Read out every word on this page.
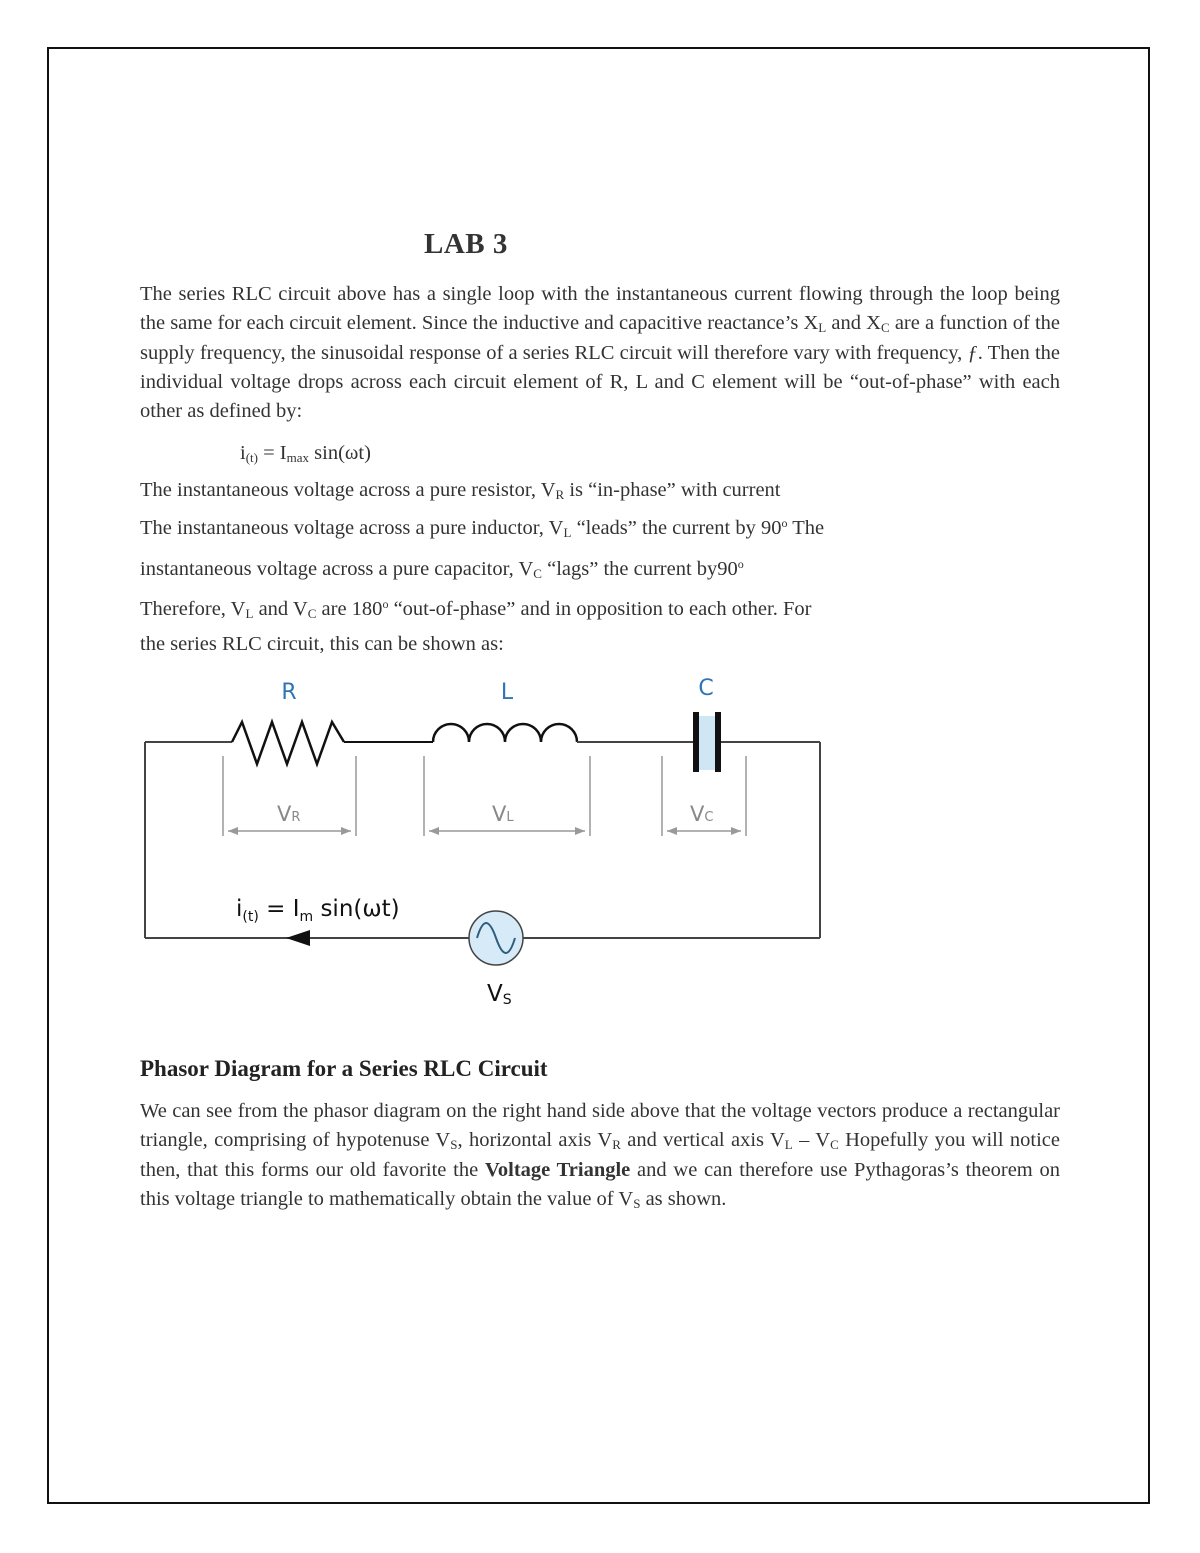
LAB 3
The series RLC circuit above has a single loop with the instantaneous current flowing through the loop being the same for each circuit element. Since the inductive and capacitive reactance’s $X_L$ and $X_C$ are a function of the supply frequency, the sinusoidal response of a series RLC circuit will therefore vary with frequency, ƒ. Then the individual voltage drops across each circuit element of R, L and C element will be “out-of-phase” with each other as defined by:
$i_{(t)} = I_{max}$ sin(ωt)
The instantaneous voltage across a pure resistor, $V_R$ is “in-phase” with current
The instantaneous voltage across a pure inductor, $V_L$ “leads” the current by 90$^o$ The
instantaneous voltage across a pure capacitor, $V_C$ “lags” the current by90$^o$
Therefore, $V_L$ and $V_C$ are 180$^o$ “out-of-phase” and in opposition to each other. For
the series RLC circuit, this can be shown as:
R	L	C
VR	VL	VC
$i_{(t)} = I_m$ sin(ωt)
VS
Phasor Diagram for a Series RLC Circuit
We can see from the phasor diagram on the right hand side above that the voltage vectors produce a rectangular triangle, comprising of hypotenuse $V_S$, horizontal axis $V_R$ and vertical axis $V_L - V_C$ Hopefully you will notice then, that this forms our old favorite the Voltage Triangle and we can therefore use Pythagoras’s theorem on this voltage triangle to mathematically obtain the value of $V_S$ as shown.
